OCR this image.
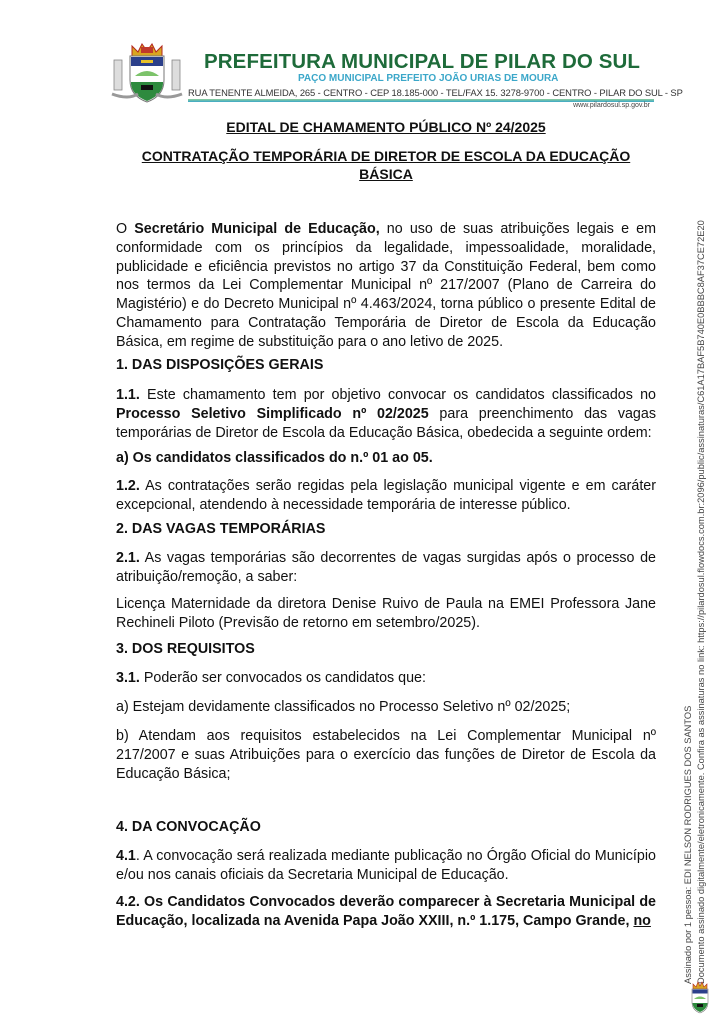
PREFEITURA MUNICIPAL DE PILAR DO SUL
PAÇO MUNICIPAL PREFEITO JOÃO URIAS DE MOURA
RUA TENENTE ALMEIDA, 265 - CENTRO - CEP 18.185-000 - TEL/FAX 15. 3278-9700 - CENTRO - PILAR DO SUL - SP
www.pilardosul.sp.gov.br
EDITAL DE CHAMAMENTO PÚBLICO Nº 24/2025
CONTRATAÇÃO TEMPORÁRIA DE DIRETOR DE ESCOLA DA EDUCAÇÃO BÁSICA

O Secretário Municipal de Educação, no uso de suas atribuições legais e em conformidade com os princípios da legalidade, impessoalidade, moralidade, publicidade e eficiência previstos no artigo 37 da Constituição Federal, bem como nos termos da Lei Complementar Municipal nº 217/2007 (Plano de Carreira do Magistério) e do Decreto Municipal nº 4.463/2024, torna público o presente Edital de Chamamento para Contratação Temporária de Diretor de Escola da Educação Básica, em regime de substituição para o ano letivo de 2025.

1. DAS DISPOSIÇÕES GERAIS

1.1. Este chamamento tem por objetivo convocar os candidatos classificados no Processo Seletivo Simplificado nº 02/2025 para preenchimento das vagas temporárias de Diretor de Escola da Educação Básica, obedecida a seguinte ordem:

a) Os candidatos classificados do n.º 01 ao 05.

1.2. As contratações serão regidas pela legislação municipal vigente e em caráter excepcional, atendendo à necessidade temporária de interesse público.

2. DAS VAGAS TEMPORÁRIAS

2.1. As vagas temporárias são decorrentes de vagas surgidas após o processo de atribuição/remoção, a saber:

Licença Maternidade da diretora Denise Ruivo de Paula na EMEI Professora Jane Rechineli Piloto (Previsão de retorno em setembro/2025).

3. DOS REQUISITOS

3.1. Poderão ser convocados os candidatos que:

a) Estejam devidamente classificados no Processo Seletivo nº 02/2025;

b) Atendam aos requisitos estabelecidos na Lei Complementar Municipal nº 217/2007 e suas Atribuições para o exercício das funções de Diretor de Escola da Educação Básica;

4. DA CONVOCAÇÃO

4.1. A convocação será realizada mediante publicação no Órgão Oficial do Município e/ou nos canais oficiais da Secretaria Municipal de Educação.

4.2. Os Candidatos Convocados deverão comparecer à Secretaria Municipal de Educação, localizada na Avenida Papa João XXIII, n.º 1.175, Campo Grande, no	Assinado por 1 pessoa: EDI NELSON RODRIGUES DOS SANTOS Documento assinado digitalmente/eletronicamente. Confira as assinaturas no link: https://pilardosul.flowdocs.com.br:2096/public/assinaturas/C61A17BAF5B740E0BBBC8AF37CE72E20
